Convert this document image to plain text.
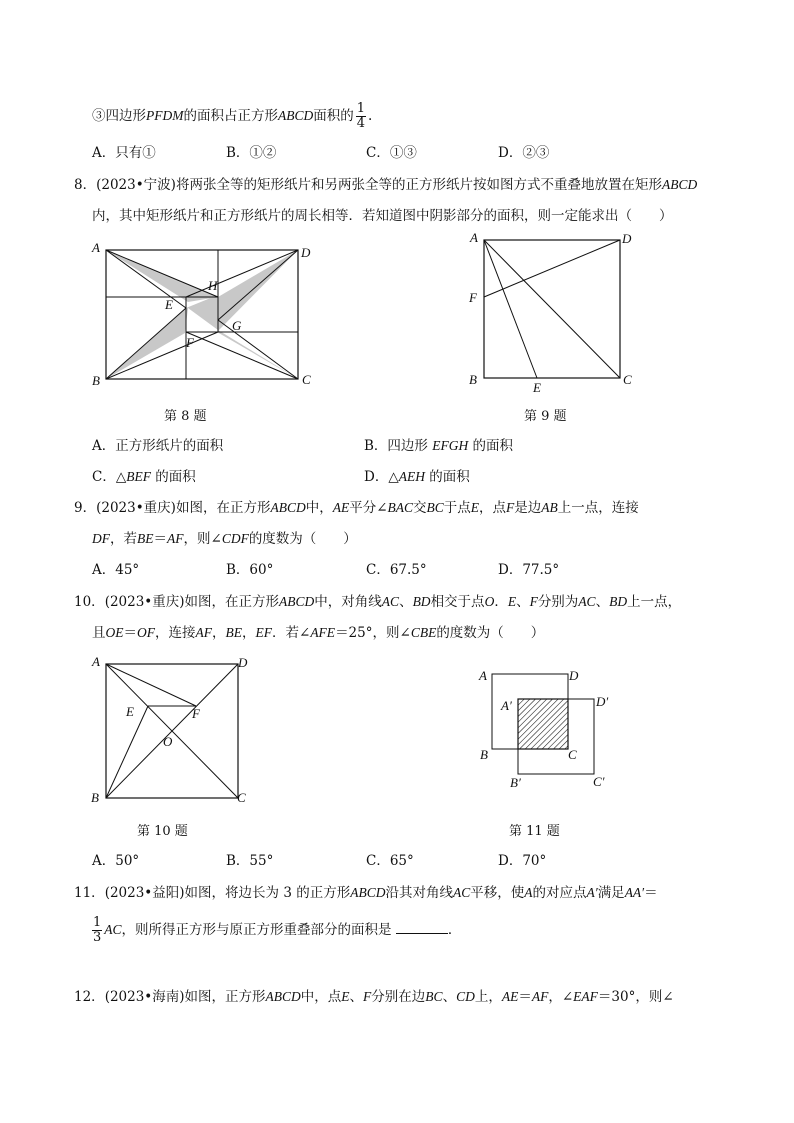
③四边形PFDM的面积占正方形ABCD面积的 $\frac{1}{4}$ .
A．只有①	B．①②	C．①③	D．②③
8．(2023•宁波)将两张全等的矩形纸片和另两张全等的正方形纸片按如图方式不重叠地放置在矩形ABCD
内，其中矩形纸片和正方形纸片的周长相等．若知道图中阴影部分的面积，则一定能求出（　　）
A	D
B	C
H
E
G
F
第 8 题
A	D
F
B
E
C
第 9 题
A．正方形纸片的面积	B．四边形 EFGH 的面积
C．△BEF 的面积	D．△AEH 的面积
9．(2023•重庆)如图，在正方形ABCD中，AE平分∠BAC交BC于点E，点F是边AB上一点，连接
DF，若BE＝AF，则∠CDF的度数为（　　）
A．45°	B．60°	C．67.5°	D．77.5°
10．(2023•重庆)如图，在正方形ABCD中，对角线AC、BD相交于点O．E、F分别为AC、BD上一点，
且OE＝OF，连接AF，BE，EF．若∠AFE＝25°，则∠CBE的度数为（　　）
A	D
E	F
O
B	C
第 10 题
A	D
A′	D′
B	C
B′	C′
第 11 题
A．50°	B．55°	C．65°	D．70°
11．(2023•益阳)如图，将边长为 3 的正方形ABCD沿其对角线AC平移，使A的对应点A′满足AA′＝
$\frac{1}{3}$ AC，则所得正方形与原正方形重叠部分的面积是	．
12．(2023•海南)如图，正方形ABCD中，点E、F分别在边BC、CD上，AE＝AF，∠EAF＝30°，则∠
